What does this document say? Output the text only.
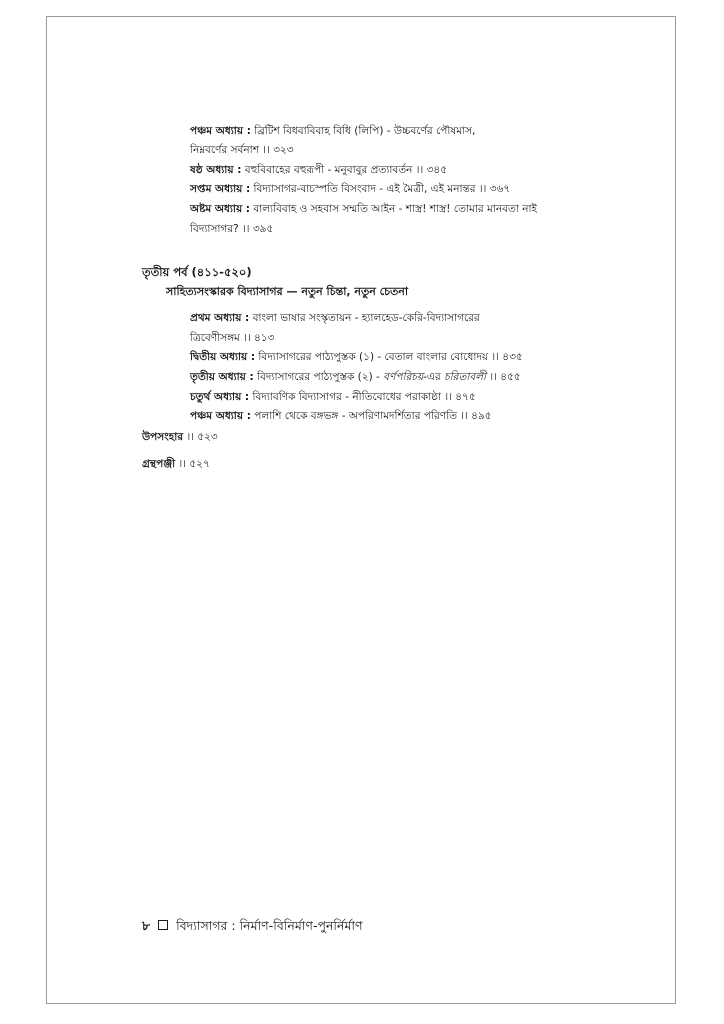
পঞ্চম অধ্যায় : ব্রিটিশ বিধবাবিবাহ বিধি (লিপি) - উচ্চবর্ণের পৌষমাস,
নিম্নবর্ণের সর্বনাশ ।। ৩২৩
ষষ্ঠ অধ্যায় : বহুবিবাহের বহুরূপী - মনুবাবুর প্রত্যাবর্তন ।। ৩৪৫
সপ্তম অধ্যায় : বিদ্যাসাগর-বাচস্পতি বিসংবাদ - এই মৈত্রী, এই মনান্তর ।। ৩৬৭
অষ্টম অধ্যায় : বাল্যবিবাহ ও সহবাস সম্মতি আইন - শাস্ত্র! শাস্ত্র! তোমার মানবতা নাই
বিদ্যাসাগর? ।। ৩৯৫
তৃতীয় পর্ব (৪১১-৫২০)
সাহিত্যসংস্কারক বিদ্যাসাগর — নতুন চিন্তা, নতুন চেতনা
প্রথম অধ্যায় : বাংলা ভাষার সংস্কৃতায়ন - হ্যালহেড-কেরি-বিদ্যাসাগরের
ত্রিবেণীসঙ্গম ।। ৪১৩
দ্বিতীয় অধ্যায় : বিদ্যাসাগরের পাঠ্যপুস্তক (১) - বেতাল বাংলার বোধোদয় ।। ৪৩৫
তৃতীয় অধ্যায় : বিদ্যাসাগরের পাঠ্যপুস্তক (২) - বর্ণপরিচয়-এর চরিতাবলী ।। ৪৫৫
চতুর্থ অধ্যায় : বিদ্যাবণিক বিদ্যাসাগর - নীতিবোধের পরাকাষ্ঠা ।। ৪৭৫
পঞ্চম অধ্যায় : পলাশি থেকে বঙ্গভঙ্গ - অপরিণামদর্শিতার পরিণতি ।। ৪৯৫
উপসংহার ।। ৫২৩
গ্রন্থপঞ্জী ।। ৫২৭
৮ বিদ্যাসাগর : নির্মাণ-বিনির্মাণ-পুনর্নির্মাণ
